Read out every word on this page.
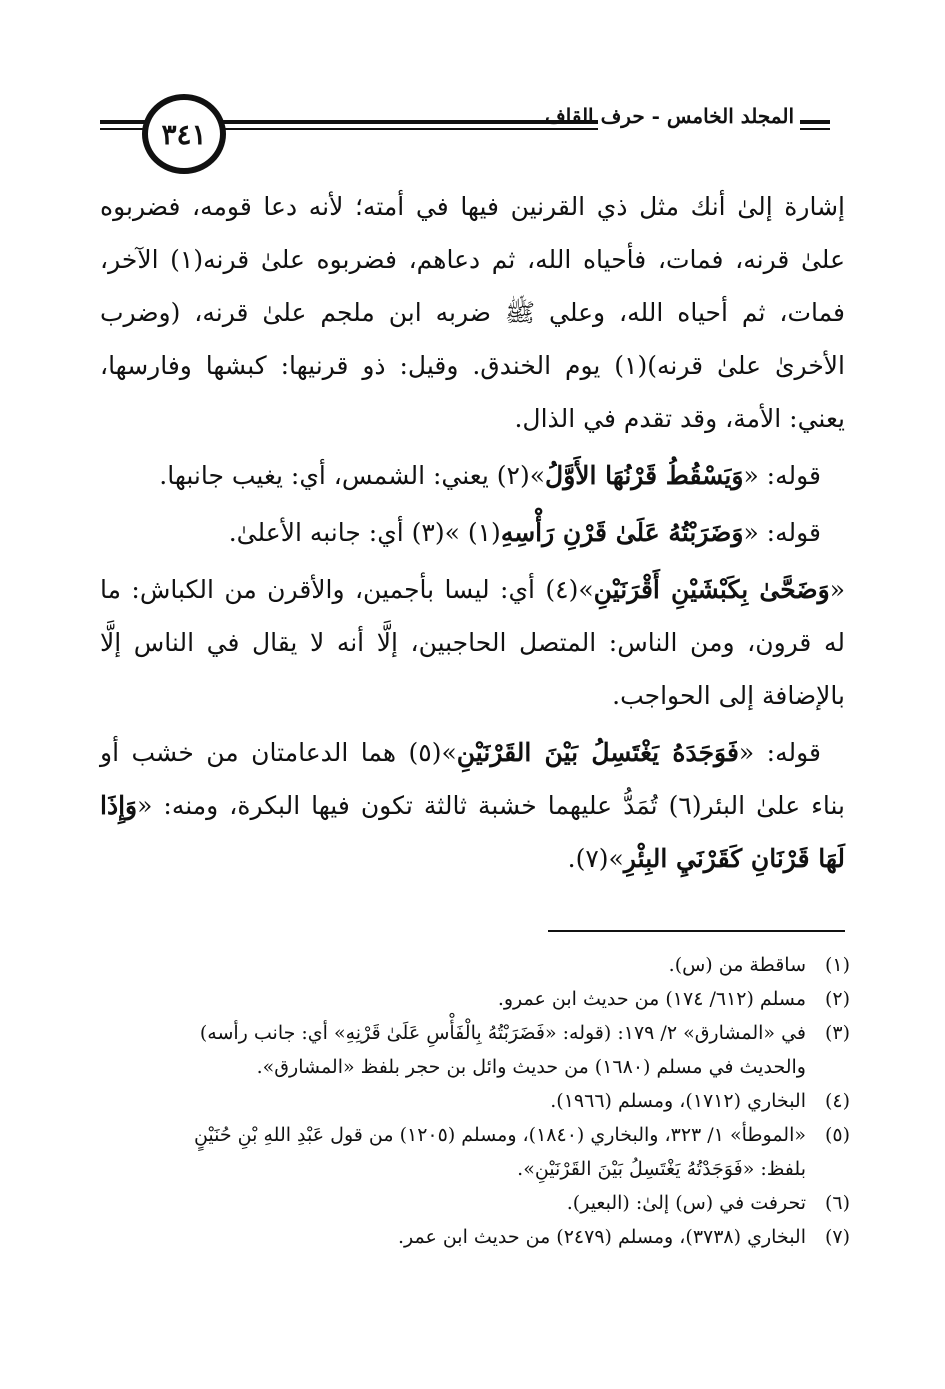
٣٤١
المجلد الخامس - حرف القاف

إشارة إلىٰ أنك مثل ذي القرنين فيها في أمته؛ لأنه دعا قومه، فضربوه علىٰ قرنه، فمات، فأحياه الله، ثم دعاهم، فضربوه علىٰ قرنه(١) الآخر، فمات، ثم أحياه الله، وعلي ﷺ ضربه ابن ملجم علىٰ قرنه، (وضرب الأخرىٰ علىٰ قرنه)(١) يوم الخندق. وقيل: ذو قرنيها: كبشها وفارسها، يعني: الأمة، وقد تقدم في الذال.

قوله: «وَيَسْقُطُ قَرْنُهَا الأَوَّلُ»(٢) يعني: الشمس، أي: يغيب جانبها.

قوله: «وَضَرَبْتُهُ عَلَىٰ قَرْنِ رَأْسِهِ(١) »(٣) أي: جانبه الأعلىٰ.

«وَضَحَّىٰ بِكَبْشَيْنِ أَقْرَنَيْنِ»(٤) أي: ليسا بأجمين، والأقرن من الكباش: ما له قرون، ومن الناس: المتصل الحاجبين، إلَّا أنه لا يقال في الناس إلَّا بالإضافة إلى الحواجب.

قوله: «فَوَجَدَهُ يَغْتَسِلُ بَيْنَ القَرْنَيْنِ»(٥) هما الدعامتان من خشب أو بناء علىٰ البئر(٦) تُمَدُّ عليهما خشبة ثالثة تكون فيها البكرة، ومنه: «وَإِذَا لَهَا قَرْنَانِ كَقَرْنَيِ البِئْرِ»(٧).

(١)
ساقطة من (س).
(٢)
مسلم (٦١٢/ ١٧٤) من حديث ابن عمرو.
(٣)
في «المشارق» ٢/ ١٧٩: (قوله: «فَضَرَبْتُهُ بِالْفَأْسِ عَلَىٰ قَرْنِهِ» أي: جانب رأسه)
والحديث في مسلم (١٦٨٠) من حديث وائل بن حجر بلفظ «المشارق».
(٤)
البخاري (١٧١٢)، ومسلم (١٩٦٦).
(٥)
«الموطأ» ١/ ٣٢٣، والبخاري (١٨٤٠)، ومسلم (١٢٠٥) من قول عَبْدِ اللهِ بْنِ حُنَيْنٍ
بلفظ: «فَوَجَدْتُهُ يَغْتَسِلُ بَيْنَ القَرْنَيْنِ».
(٦)
تحرفت في (س) إلىٰ: (البعير).
(٧)
البخاري (٣٧٣٨)، ومسلم (٢٤٧٩) من حديث ابن عمر.
